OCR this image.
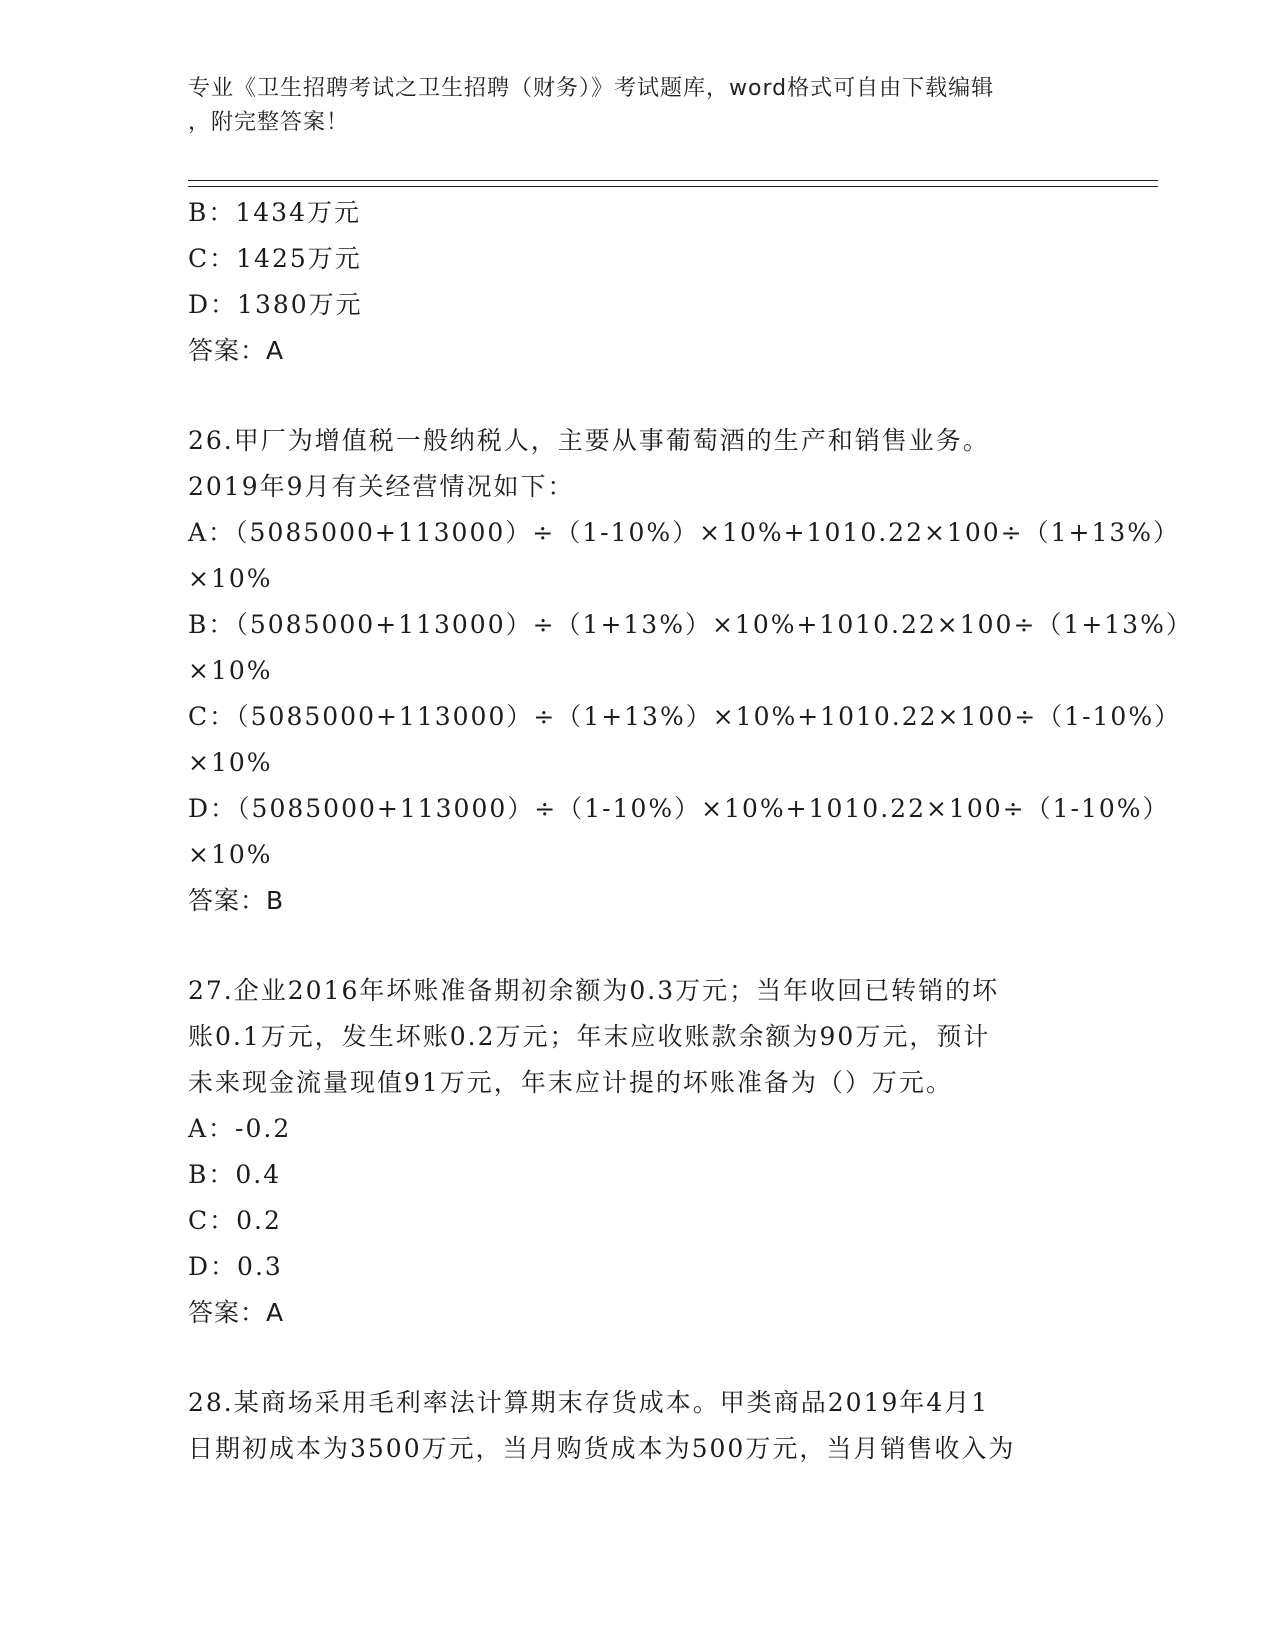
专业《卫生招聘考试之卫生招聘（财务）》考试题库，word格式可自由下载编辑
，附完整答案！
B：1434万元
C：1425万元
D：1380万元
答案：A
26.甲厂为增值税一般纳税人，主要从事葡萄酒的生产和销售业务。
2019年9月有关经营情况如下：
A：（5085000+113000）÷（1-10%）×10%+1010.22×100÷（1+13%）
×10%
B：（5085000+113000）÷（1+13%）×10%+1010.22×100÷（1+13%）
×10%
C：（5085000+113000）÷（1+13%）×10%+1010.22×100÷（1-10%）
×10%
D：（5085000+113000）÷（1-10%）×10%+1010.22×100÷（1-10%）
×10%
答案：B
27.企业2016年坏账准备期初余额为0.3万元；当年收回已转销的坏
账0.1万元，发生坏账0.2万元；年末应收账款余额为90万元，预计
未来现金流量现值91万元，年末应计提的坏账准备为（）万元。
A：-0.2
B：0.4
C：0.2
D：0.3
答案：A
28.某商场采用毛利率法计算期末存货成本。甲类商品2019年4月1
日期初成本为3500万元，当月购货成本为500万元，当月销售收入为
